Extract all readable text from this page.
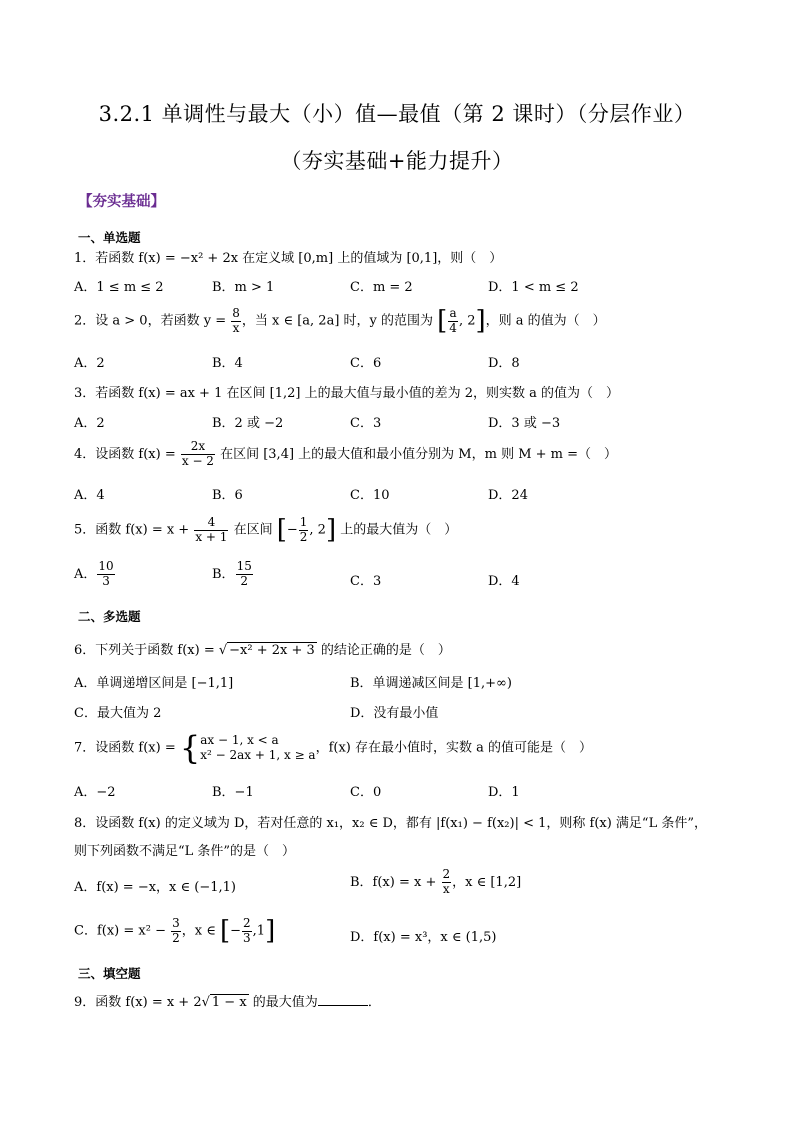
3.2.1 单调性与最大（小）值—最值（第 2 课时）（分层作业）
（夯实基础+能力提升）
【夯实基础】
一、单选题
1．若函数 f(x) = −x² + 2x 在定义域 [0,m] 上的值域为 [0,1]，则（　）
A．1 ≤ m ≤ 2	B．m > 1	C．m = 2	D．1 < m ≤ 2
2．设 a > 0，若函数 $y = \frac{8}{x}$ ，当 x ∈ [a, 2a] 时，y 的范围为 [ $\frac{a}{4}$ , 2]，则 a 的值为（　）
A．2	B．4	C．6	D．8
3．若函数 f(x) = ax + 1 在区间 [1,2] 上的最大值与最小值的差为 2，则实数 a 的值为（　）
A．2	B．2 或 −2	C．3	D．3 或 −3
4．设函数 $f(x) = \frac{2x}{x - 2}$ 在区间 [3,4] 上的最大值和最小值分别为 M，m 则 M + m =（　）
A．4	B．6	C．10	D．24
5．函数 $f(x) = x + \frac{4}{x + 1}$ 在区间 [− $\frac{1}{2}$ , 2] 上的最大值为（　）
A． $\frac{10}{3}$	B． $\frac{15}{2}$	C．3	D．4
二、多选题
6．下列关于函数 f(x) = √ −x² + 2x + 3 的结论正确的是（　）
A．单调递增区间是 [−1,1]	B．单调递减区间是 [1,+∞)
C．最大值为 2	D．没有最小值
7．设函数 f(x) = { ax − 1, x < a
x² − 2ax + 1, x ≥ a ，f(x) 存在最小值时，实数 a 的值可能是（　）
A．−2	B．−1	C．0	D．1
8．设函数 f(x) 的定义域为 D，若对任意的 x₁，x₂ ∈ D，都有 |f(x₁) − f(x₂)| < 1，则称 f(x) 满足“L 条件”，
则下列函数不满足“L 条件”的是（　）
A．f(x) = −x，x ∈ (−1,1)	B．$f(x) = x + \frac{2}{x}$ ，x ∈ [1,2]
C．$f(x) = x^2 - \frac{3}{2}$ ，x ∈ [− $\frac{2}{3} ,1$]	D．f(x) = x³，x ∈ (1,5)
三、填空题
9．函数 f(x) = x + 2√ 1 − x 的最大值为	．
